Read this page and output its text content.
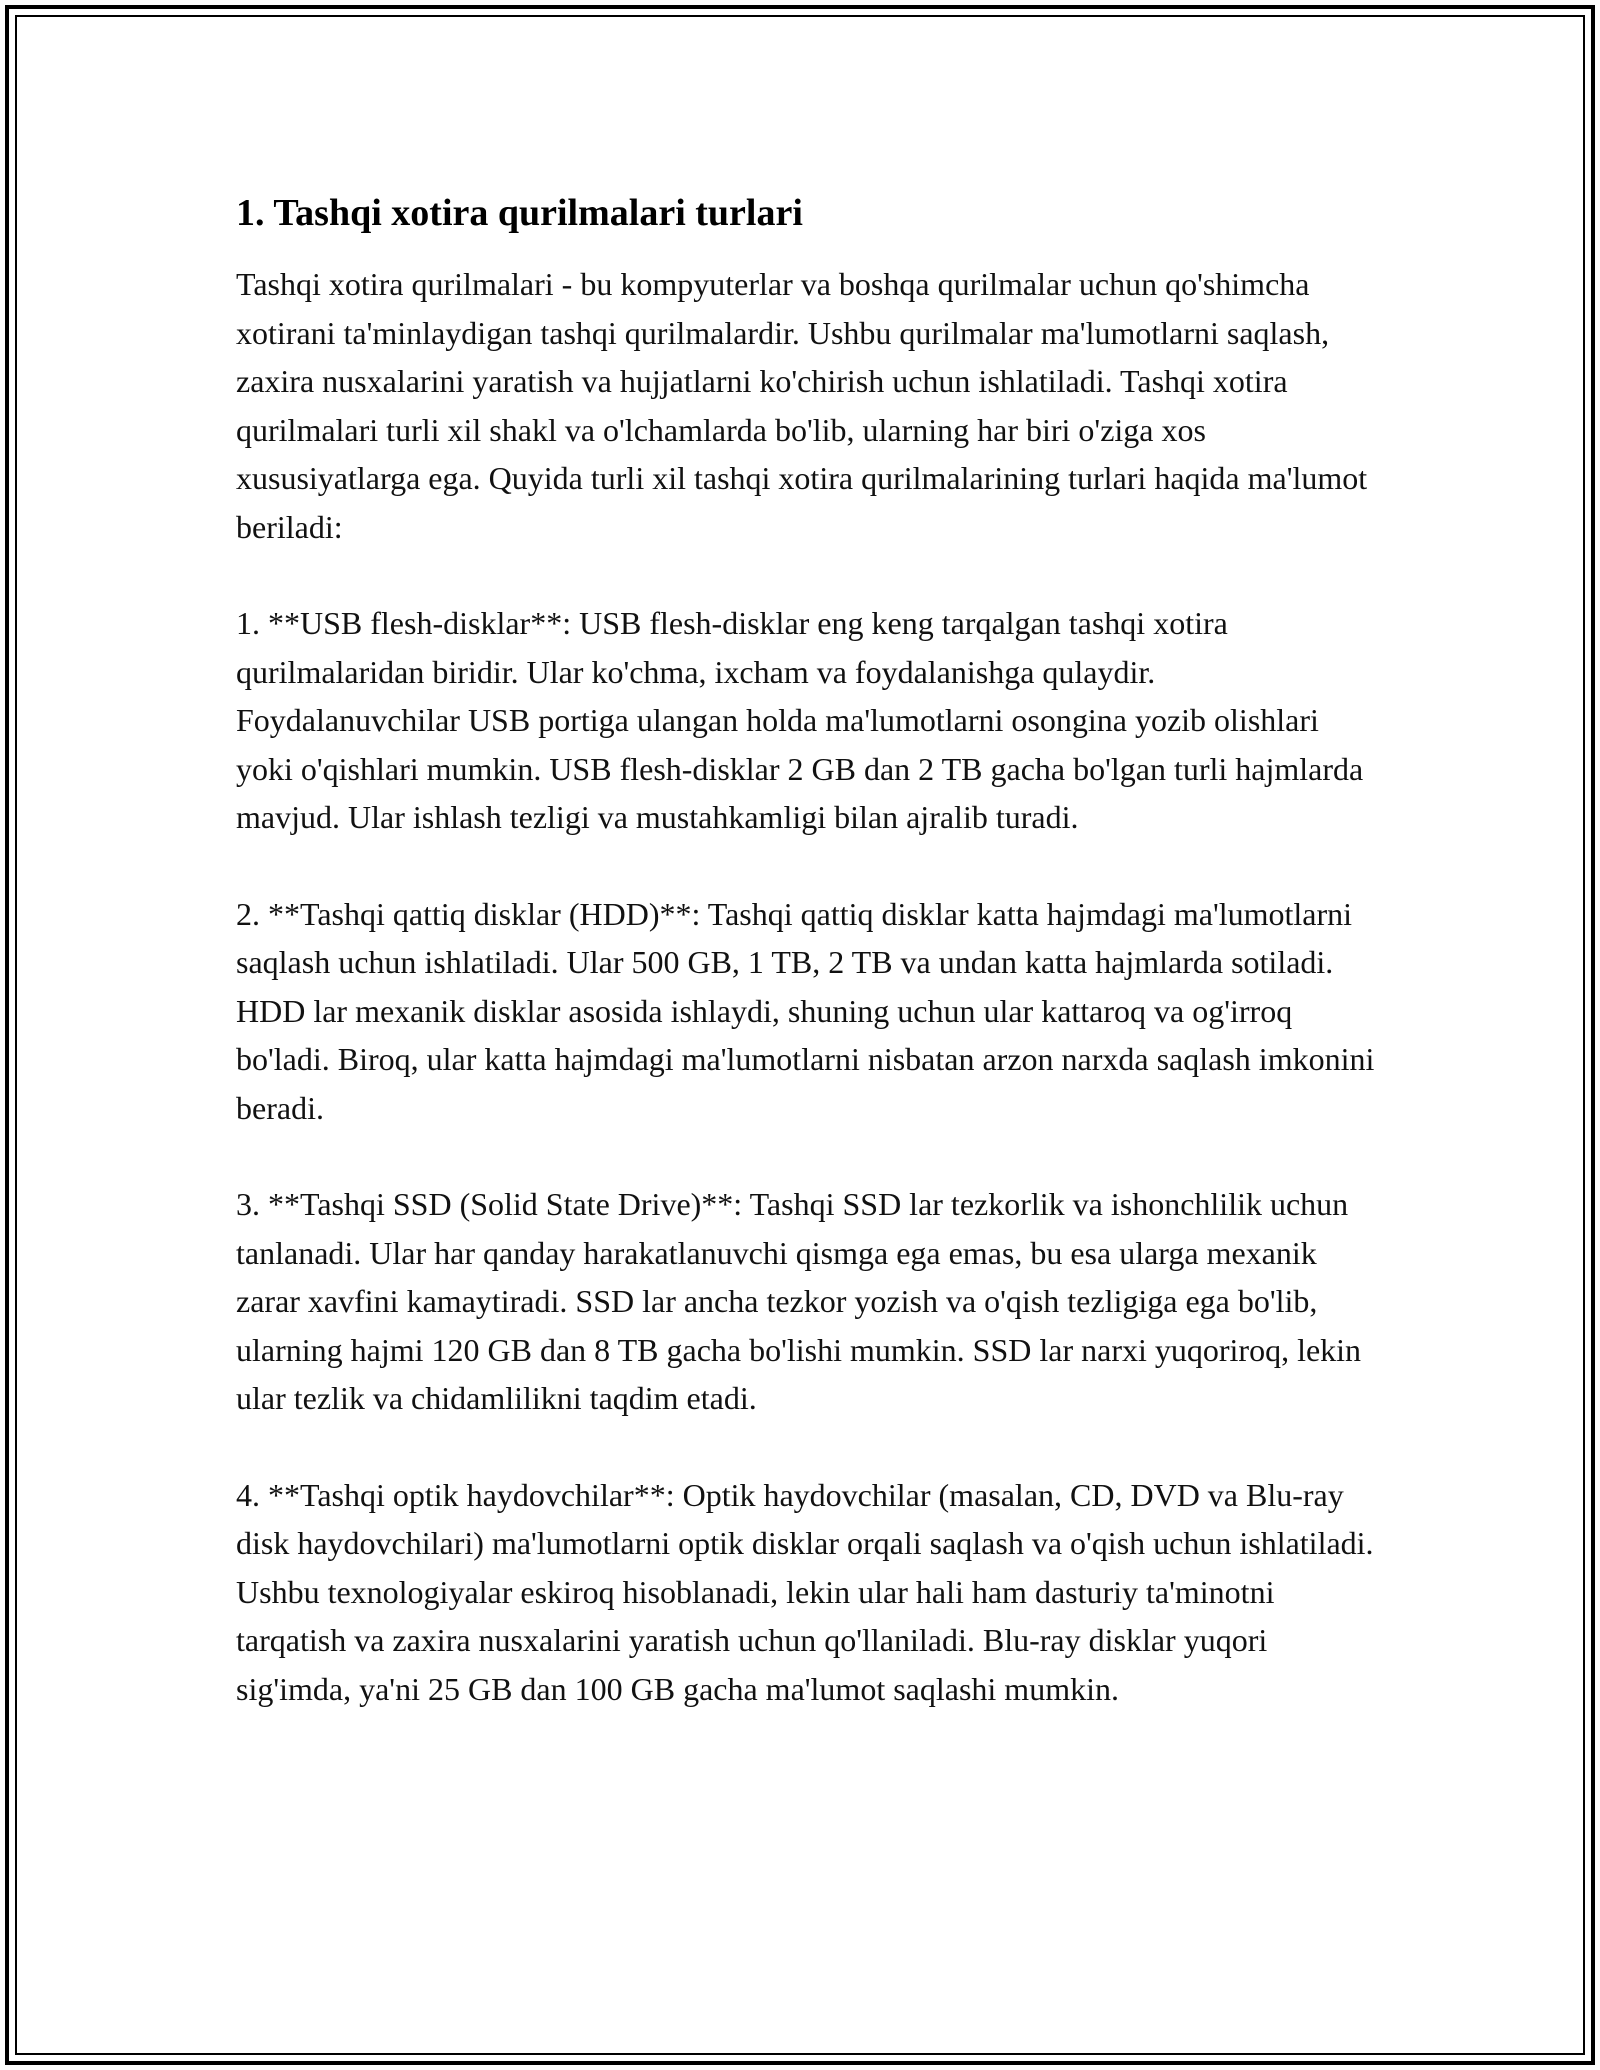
1. Tashqi xotira qurilmalari turlari

Tashqi xotira qurilmalari - bu kompyuterlar va boshqa qurilmalar uchun qo'shimcha xotirani ta'minlaydigan tashqi qurilmalardir. Ushbu qurilmalar ma'lumotlarni saqlash, zaxira nusxalarini yaratish va hujjatlarni ko'chirish uchun ishlatiladi. Tashqi xotira qurilmalari turli xil shakl va o'lchamlarda bo'lib, ularning har biri o'ziga xos xususiyatlarga ega. Quyida turli xil tashqi xotira qurilmalarining turlari haqida ma'lumot beriladi:

1. **USB flesh-disklar**: USB flesh-disklar eng keng tarqalgan tashqi xotira qurilmalaridan biridir. Ular ko'chma, ixcham va foydalanishga qulaydir. Foydalanuvchilar USB portiga ulangan holda ma'lumotlarni osongina yozib olishlari yoki o'qishlari mumkin. USB flesh-disklar 2 GB dan 2 TB gacha bo'lgan turli hajmlarda mavjud. Ular ishlash tezligi va mustahkamligi bilan ajralib turadi.

2. **Tashqi qattiq disklar (HDD)**: Tashqi qattiq disklar katta hajmdagi ma'lumotlarni saqlash uchun ishlatiladi. Ular 500 GB, 1 TB, 2 TB va undan katta hajmlarda sotiladi. HDD lar mexanik disklar asosida ishlaydi, shuning uchun ular kattaroq va og'irroq bo'ladi. Biroq, ular katta hajmdagi ma'lumotlarni nisbatan arzon narxda saqlash imkonini beradi.

3. **Tashqi SSD (Solid State Drive)**: Tashqi SSD lar tezkorlik va ishonchlilik uchun tanlanadi. Ular har qanday harakatlanuvchi qismga ega emas, bu esa ularga mexanik zarar xavfini kamaytiradi. SSD lar ancha tezkor yozish va o'qish tezligiga ega bo'lib, ularning hajmi 120 GB dan 8 TB gacha bo'lishi mumkin. SSD lar narxi yuqoriroq, lekin ular tezlik va chidamlilikni taqdim etadi.

4. **Tashqi optik haydovchilar**: Optik haydovchilar (masalan, CD, DVD va Blu-ray disk haydovchilari) ma'lumotlarni optik disklar orqali saqlash va o'qish uchun ishlatiladi. Ushbu texnologiyalar eskiroq hisoblanadi, lekin ular hali ham dasturiy ta'minotni tarqatish va zaxira nusxalarini yaratish uchun qo'llaniladi. Blu-ray disklar yuqori sig'imda, ya'ni 25 GB dan 100 GB gacha ma'lumot saqlashi mumkin.
